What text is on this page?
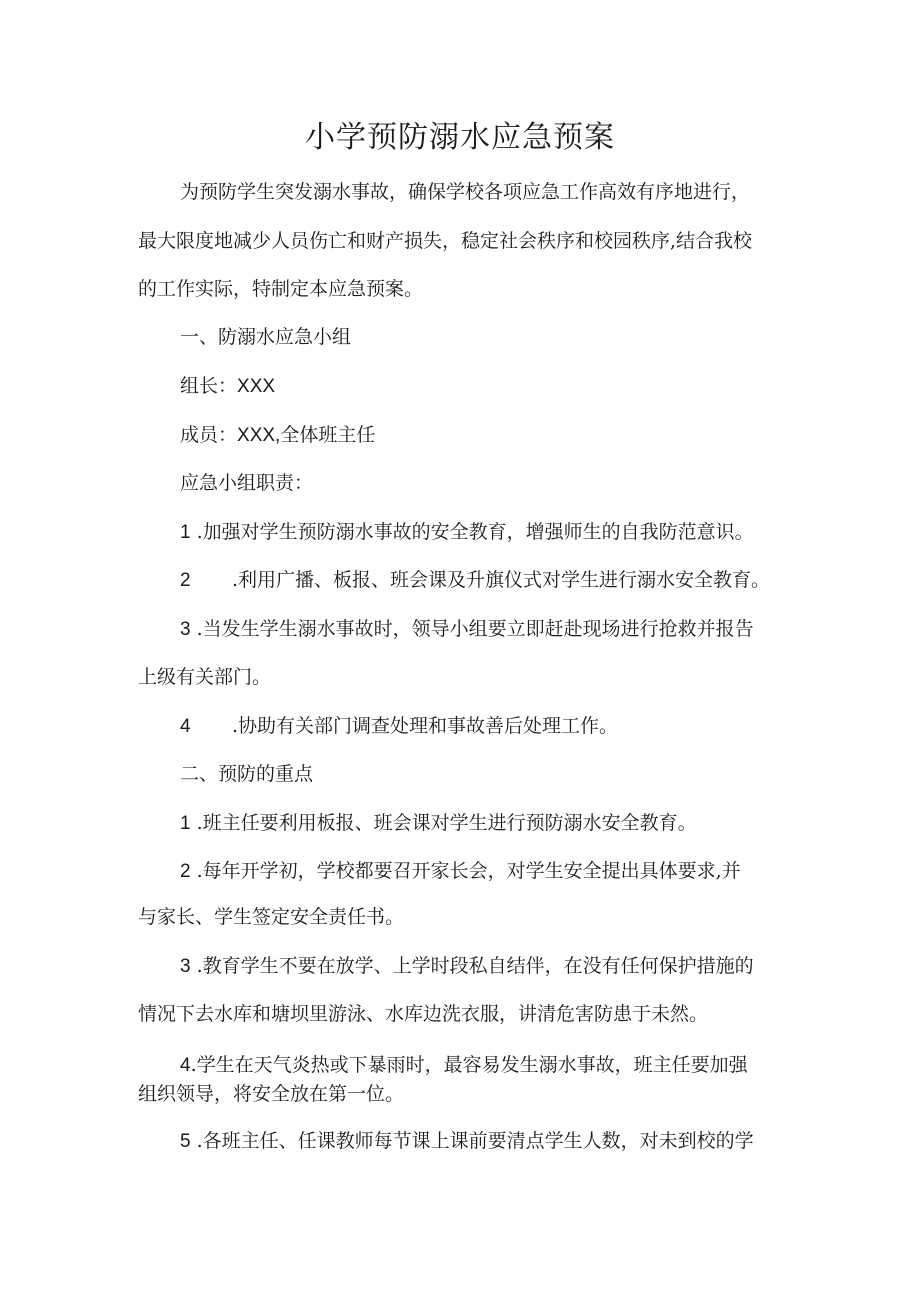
小学预防溺水应急预案

为预防学生突发溺水事故，确保学校各项应急工作高效有序地进行，

最大限度地减少人员伤亡和财产损失，稳定社会秩序和校园秩序,结合我校

的工作实际，特制定本应急预案。

一、防溺水应急小组

组长：XXX

成员：XXX,全体班主任

应急小组职责：

1 .加强对学生预防溺水事故的安全教育，增强师生的自我防范意识。

2 .利用广播、板报、班会课及升旗仪式对学生进行溺水安全教育。

3 .当发生学生溺水事故时，领导小组要立即赶赴现场进行抢救并报告

上级有关部门。

4 .协助有关部门调查处理和事故善后处理工作。

二、预防的重点

1 .班主任要利用板报、班会课对学生进行预防溺水安全教育。

2 .每年开学初，学校都要召开家长会，对学生安全提出具体要求,并

与家长、学生签定安全责任书。

3 .教育学生不要在放学、上学时段私自结伴，在没有任何保护措施的

情况下去水库和塘坝里游泳、水库边洗衣服，讲清危害防患于未然。

4.学生在天气炎热或下暴雨时，最容易发生溺水事故，班主任要加强

组织领导，将安全放在第一位。

5 .各班主任、任课教师每节课上课前要清点学生人数，对未到校的学
